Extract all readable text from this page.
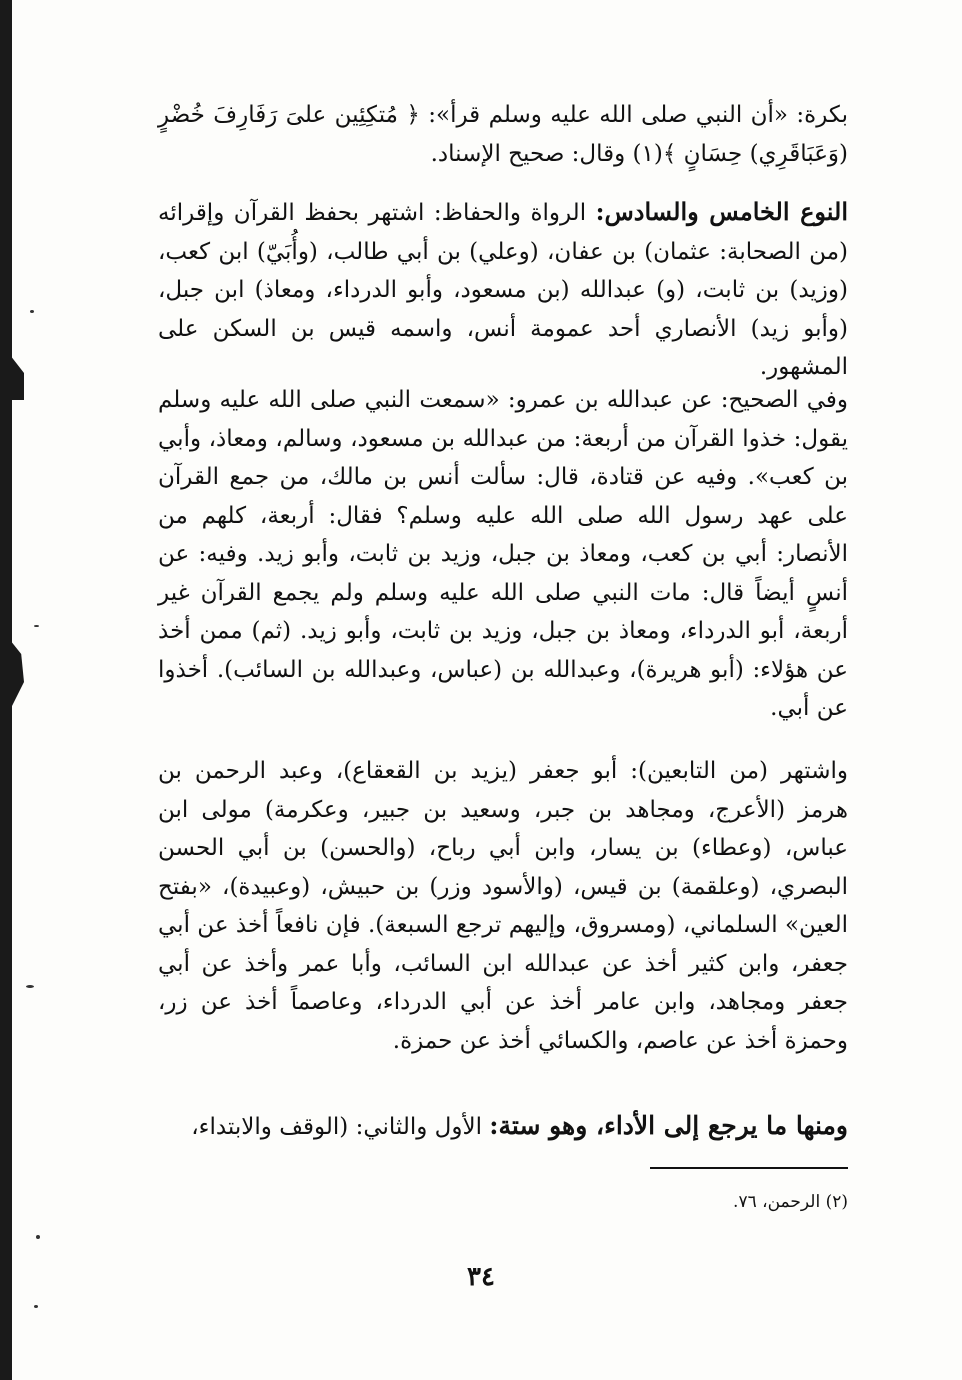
بكرة: «أن النبي صلى الله عليه وسلم قرأ»: ﴿ مُتكِئِين علىَ رَفَارِفَ خُضْرٍ (وَعَبَاقَرِي) حِسَانٍ ﴾(١) وقال: صحيح الإسناد.
النوع الخامس والسادس: الرواة والحفاظ: اشتهر بحفظ القرآن وإقرائه (من الصحابة: عثمان) بن عفان، (وعلي) بن أبي طالب، (وأُبَيّ) ابن كعب، (وزيد) بن ثابت، (و) عبدالله (بن مسعود، وأبو الدرداء، ومعاذ) ابن جبل، (وأبو زيد) الأنصاري أحد عمومة أنس، واسمه قيس بن السكن على المشهور.
وفي الصحيح: عن عبدالله بن عمرو: «سمعت النبي صلى الله عليه وسلم يقول: خذوا القرآن من أربعة: من عبدالله بن مسعود، وسالم، ومعاذ، وأبي بن كعب». وفيه عن قتادة، قال: سألت أنس بن مالك، من جمع القرآن على عهد رسول الله صلى الله عليه وسلم؟ فقال: أربعة، كلهم من الأنصار: أبي بن كعب، ومعاذ بن جبل، وزيد بن ثابت، وأبو زيد. وفيه: عن أنسٍ أيضاً قال: مات النبي صلى الله عليه وسلم ولم يجمع القرآن غير أربعة، أبو الدرداء، ومعاذ بن جبل، وزيد بن ثابت، وأبو زيد. (ثم) ممن أخذ عن هؤلاء: (أبو هريرة)، وعبدالله بن (عباس، وعبدالله بن السائب). أخذوا عن أبي.
واشتهر (من التابعين): أبو جعفر (يزيد بن القعقاع)، وعبد الرحمن بن هرمز (الأعرج، ومجاهد بن جبر، وسعيد بن جبير، وعكرمة) مولى ابن عباس، (وعطاء) بن يسار، وابن أبي رباح، (والحسن) بن أبي الحسن البصري، (وعلقمة) بن قيس، (والأسود وزر) بن حبيش، (وعبيدة)، «بفتح العين» السلماني، (ومسروق، وإليهم ترجع السبعة). فإن نافعاً أخذ عن أبي جعفر، وابن كثير أخذ عن عبدالله ابن السائب، وأبا عمر وأخذ عن أبي جعفر ومجاهد، وابن عامر أخذ عن أبي الدرداء، وعاصماً أخذ عن زر، وحمزة أخذ عن عاصم، والكسائي أخذ عن حمزة.
ومنها ما يرجع إلى الأداء، وهو ستة: الأول والثاني: (الوقف والابتداء،
(٢) الرحمن، ٧٦.
٣٤
